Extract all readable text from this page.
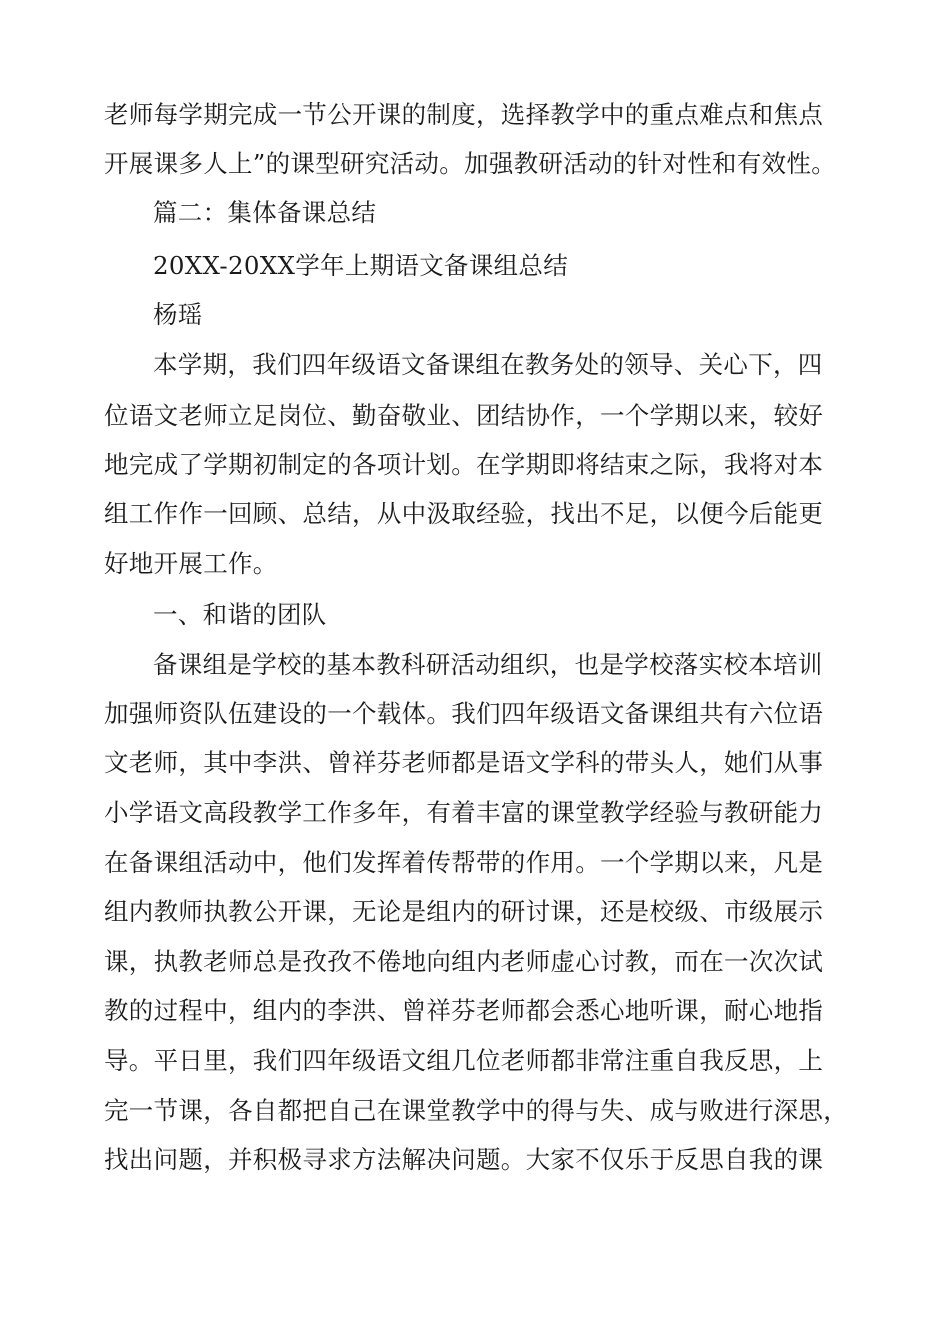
老师每学期完成一节公开课的制度，选择教学中的重点难点和焦点
开展课多人上”的课型研究活动。加强教研活动的针对性和有效性。
篇二：集体备课总结
20XX-20XX学年上期语文备课组总结
杨瑶
本学期，我们四年级语文备课组在教务处的领导、关心下，四
位语文老师立足岗位、勤奋敬业、团结协作，一个学期以来，较好
地完成了学期初制定的各项计划。在学期即将结束之际，我将对本
组工作作一回顾、总结，从中汲取经验，找出不足，以便今后能更
好地开展工作。
一、和谐的团队
备课组是学校的基本教科研活动组织，也是学校落实校本培训
加强师资队伍建设的一个载体。我们四年级语文备课组共有六位语
文老师，其中李洪、曾祥芬老师都是语文学科的带头人，她们从事
小学语文高段教学工作多年，有着丰富的课堂教学经验与教研能力
在备课组活动中，他们发挥着传帮带的作用。一个学期以来，凡是
组内教师执教公开课，无论是组内的研讨课，还是校级、市级展示
课，执教老师总是孜孜不倦地向组内老师虚心讨教，而在一次次试
教的过程中，组内的李洪、曾祥芬老师都会悉心地听课，耐心地指
导。平日里，我们四年级语文组几位老师都非常注重自我反思，上
完一节课，各自都把自己在课堂教学中的得与失、成与败进行深思，
找出问题，并积极寻求方法解决问题。大家不仅乐于反思自我的课
